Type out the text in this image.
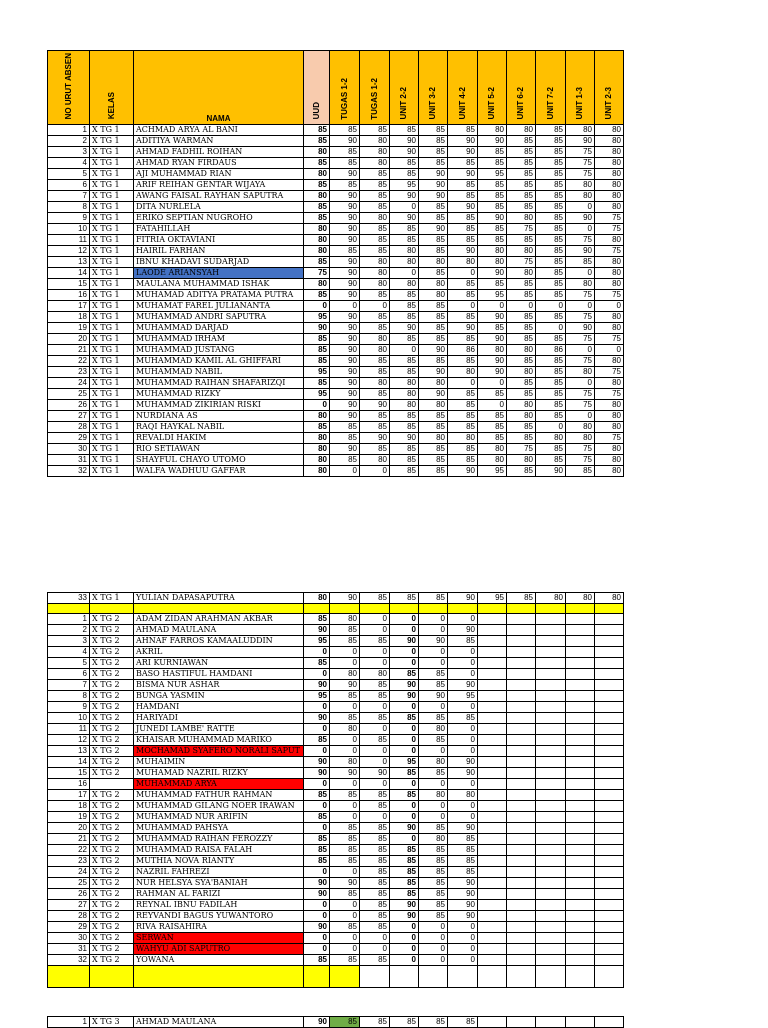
NO URUT ABSEN	KELAS	NAMA	UUD	TUGAS 1-2	TUGAS 1-2	UNIT 2-2	UNIT 3-2	UNIT 4-2	UNIT 5-2	UNIT 6-2	UNIT 7-2	UNIT 1-3	UNIT 2-3
1	X TG 1	ACHMAD ARYA AL BANI	85	85	85	85	85	85	80	80	85	80	80
2	X TG 1	ADITIYA WARMAN	85	90	80	90	85	90	90	85	85	90	80
3	X TG 1	AHMAD FADHIL ROIHAN	80	85	80	90	85	90	85	85	85	75	80
4	X TG 1	AHMAD RYAN FIRDAUS	85	85	80	85	85	85	85	85	85	75	80
5	X TG 1	AJI MUHAMMAD RIAN	80	90	85	85	90	90	95	85	85	75	80
6	X TG 1	ARIF REIHAN GENTAR WIJAYA	85	85	85	95	90	85	85	85	85	80	80
7	X TG 1	AWANG FAISAL RAYHAN SAPUTRA	80	90	85	90	90	85	85	85	85	80	80
8	X TG 1	DITA NURLELA	85	90	85	0	85	90	85	85	85	0	80
9	X TG 1	ERIKO SEPTIAN NUGROHO	85	90	80	90	85	85	90	80	85	90	75
10	X TG 1	FATAHILLAH	80	90	85	85	90	85	85	75	85	0	75
11	X TG 1	FITRIA OKTAVIANI	80	90	85	85	85	85	85	85	85	75	80
12	X TG 1	HAIRIL FARHAN	80	85	85	80	85	90	80	80	85	90	75
13	X TG 1	IBNU KHADAVI SUDARJAD	85	90	80	80	80	80	80	75	85	85	80
14	X TG 1	LAODE ARIANSYAH	75	90	80	0	85	0	90	80	85	0	80
15	X TG 1	MAULANA MUHAMMAD ISHAK	80	90	80	80	80	85	85	85	85	80	80
16	X TG 1	MUHAMAD ADITYA PRATAMA PUTRA	85	90	85	85	80	85	95	85	85	75	75
17	X TG 1	MUHAMAT FAREL JULIANANTA	0	0	0	85	85	0	0	0	0	0	0
18	X TG 1	MUHAMMAD ANDRI SAPUTRA	95	90	85	85	85	85	90	85	85	75	80
19	X TG 1	MUHAMMAD DARJAD	90	90	85	90	85	90	85	85	0	90	80
20	X TG 1	MUHAMMAD IRHAM	85	90	80	85	85	85	90	85	85	75	75
21	X TG 1	MUHAMMAD JUSTANG	85	90	80	0	90	86	80	80	86	0	0
22	X TG 1	MUHAMMAD KAMIL AL GHIFFARI	85	90	85	85	85	85	90	85	85	75	80
23	X TG 1	MUHAMMAD NABIL	95	90	85	85	90	80	90	80	85	80	75
24	X TG 1	MUHAMMAD RAIHAN SHAFARIZQI	85	90	80	80	80	0	0	85	85	0	80
25	X TG 1	MUHAMMAD RIZKY	95	90	85	80	90	85	85	85	85	75	75
26	X TG 1	MUHAMMAD ZIKIRIAN RISKI	0	90	90	80	80	85	0	80	85	75	80
27	X TG 1	NURDIANA AS	80	90	85	85	85	85	85	80	85	0	80
28	X TG 1	RAQI HAYKAL NABIL	85	85	85	85	85	85	85	85	0	80	80
29	X TG 1	REVALDI HAKIM	80	85	90	90	80	80	85	85	80	80	75
30	X TG 1	RIO SETIAWAN	80	90	85	85	85	85	80	75	85	75	80
31	X TG 1	SHAYFUL CHAYO UTOMO	80	85	80	85	85	85	80	80	85	75	80
32	X TG 1	WALFA WADHUU GAFFAR	80	0	0	85	85	90	95	85	90	85	80
33	X TG 1	YULIAN DAPASAPUTRA	80	90	85	85	85	90	95	85	80	80	80

1	X TG 2	ADAM ZIDAN ARAHMAN AKBAR	85	80	0	0	0	0					
2	X TG 2	AHMAD MAULANA	90	85	0	0	0	90					
3	X TG 2	AHNAF FARROS KAMAALUDDIN	95	85	85	90	90	85					
4	X TG 2	AKRIL	0	0	0	0	0	0					
5	X TG 2	ARI KURNIAWAN	85	0	0	0	0	0					
6	X TG 2	BASO HASTIFUL HAMDANI	0	80	80	85	85	0					
7	X TG 2	BISMA NUR ASHAR	90	90	85	90	85	90					
8	X TG 2	BUNGA YASMIN	95	85	85	90	90	95					
9	X TG 2	HAMDANI	0	0	0	0	0	0					
10	X TG 2	HARIYADI	90	85	85	85	85	85					
11	X TG 2	JUNEDI LAMBE' RATTE	0	80	0	0	80	0					
12	X TG 2	KHAISAR MUHAMMAD MARIKO	85	0	85	0	85	0					
13	X TG 2	MOCHAMAD SYAFERO NORALI SAPUT	0	0	0	0	0	0					
14	X TG 2	MUHAIMIN	90	80	0	95	80	90					
15	X TG 2	MUHAMAD NAZRIL RIZKY	90	90	90	85	85	90					
16		MUHAMMAD ARYA	0	0	0	0	0	0					
17	X TG 2	MUHAMMAD FATHUR RAHMAN	85	85	85	85	80	80					
18	X TG 2	MUHAMMAD GILANG NOER IRAWAN	0	0	85	0	0	0					
19	X TG 2	MUHAMMAD NUR ARIFIN	85	0	0	0	0	0					
20	X TG 2	MUHAMMAD PAHSYA	0	85	85	90	85	90					
21	X TG 2	MUHAMMAD RAIHAN FEROZZY	85	85	85	0	80	85					
22	X TG 2	MUHAMMAD RAISA FALAH	85	85	85	85	85	85					
23	X TG 2	MUTHIA NOVA RIANTY	85	85	85	85	85	85					
24	X TG 2	NAZRIL FAHREZI	0	0	85	85	85	85					
25	X TG 2	NUR HELSYA SYA'BANIAH	90	90	85	85	85	90					
26	X TG 2	RAHMAN AL FARIZI	90	85	85	85	85	90					
27	X TG 2	REYNAL IBNU FADILAH	0	0	85	90	85	90					
28	X TG 2	REYVANDI BAGUS YUWANTORO	0	0	85	90	85	90					
29	X TG 2	RIVA RAISAHIRA	90	85	85	0	0	0					
30	X TG 2	SERWAN	0	0	0	0	0	0					
31	X TG 2	WAHYU ADI SAPUTRO	0	0	0	0	0	0					
32	X TG 2	YOWANA	85	85	85	0	0	0					

1	X TG 3	AHMAD MAULANA	90	85	85	85	85	85					
